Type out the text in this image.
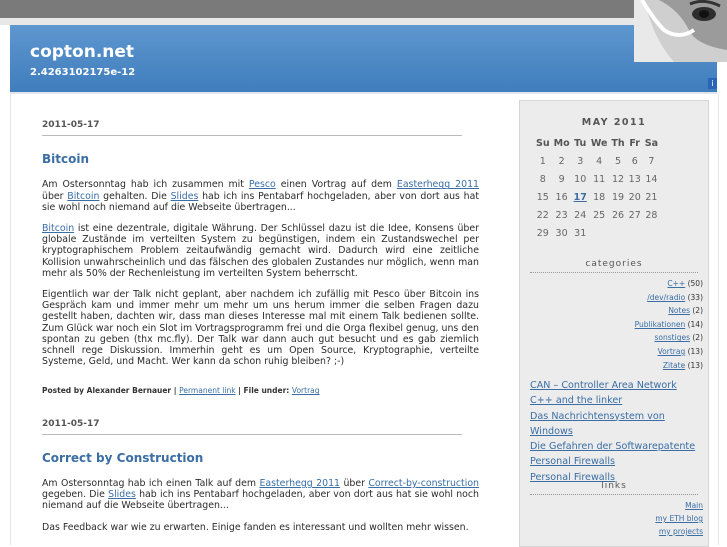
copton.net
2.4263102175e-12
i
2011-05-17
Bitcoin

Am Ostersonntag hab ich zusammen mit Pesco einen Vortrag auf dem Easterhegg 2011 über Bitcoin gehalten. Die Slides hab ich ins Pentabarf hochgeladen, aber von dort aus hat sie wohl noch niemand auf die Webseite übertragen...

Bitcoin ist eine dezentrale, digitale Währung. Der Schlüssel dazu ist die Idee, Konsens über globale Zustände im verteilten System zu begünstigen, indem ein Zustandswechel per kryptographischem Problem zeitaufwändig gemacht wird. Dadurch wird eine zeitliche Kollision unwahrscheinlich und das fälschen des globalen Zustandes nur möglich, wenn man mehr als 50% der Rechenleistung im verteilten System beherrscht.

Eigentlich war der Talk nicht geplant, aber nachdem ich zufällig mit Pesco über Bitcoin ins Gespräch kam und immer mehr um mehr um uns herum immer die selben Fragen dazu gestellt haben, dachten wir, dass man dieses Interesse mal mit einem Talk bedienen sollte. Zum Glück war noch ein Slot im Vortragsprogramm frei und die Orga flexibel genug, uns den spontan zu geben (thx mc.fly). Der Talk war dann auch gut besucht und es gab ziemlich schnell rege Diskussion. Immerhin geht es um Open Source, Kryptographie, verteilte Systeme, Geld, und Macht. Wer kann da schon ruhig bleiben? ;-)

Posted by Alexander Bernauer | Permanent link | File under: Vortrag
2011-05-17
Correct by Construction

Am Ostersonntag hab ich einen Talk auf dem Easterhegg 2011 über Correct-by-construction gegeben. Die Slides hab ich ins Pentabarf hochgeladen, aber von dort aus hat sie wohl noch niemand auf die Webseite übertragen...

Das Feedback war wie zu erwarten. Einige fanden es interessant und wollten mehr wissen.

MAY 2011
Su	Mo	Tu	We	Th	Fr	Sa
1	2	3	4	5	6	7
8	9	10	11	12	13	14
15	16	17	18	19	20	21
22	23	24	25	26	27	28
29	30	31				
categories
C++ (50)
/dev/radio (33)
Notes (2)
Publikationen (14)
sonstiges (2)
Vortrag (13)
Zitate (13)
CAN – Controller Area Network
C++ and the linker
Das Nachrichtensystem von Windows
Die Gefahren der Softwarepatente
Personal Firewalls
Personal Firewalls
links
Main
my ETH blog
my projects
